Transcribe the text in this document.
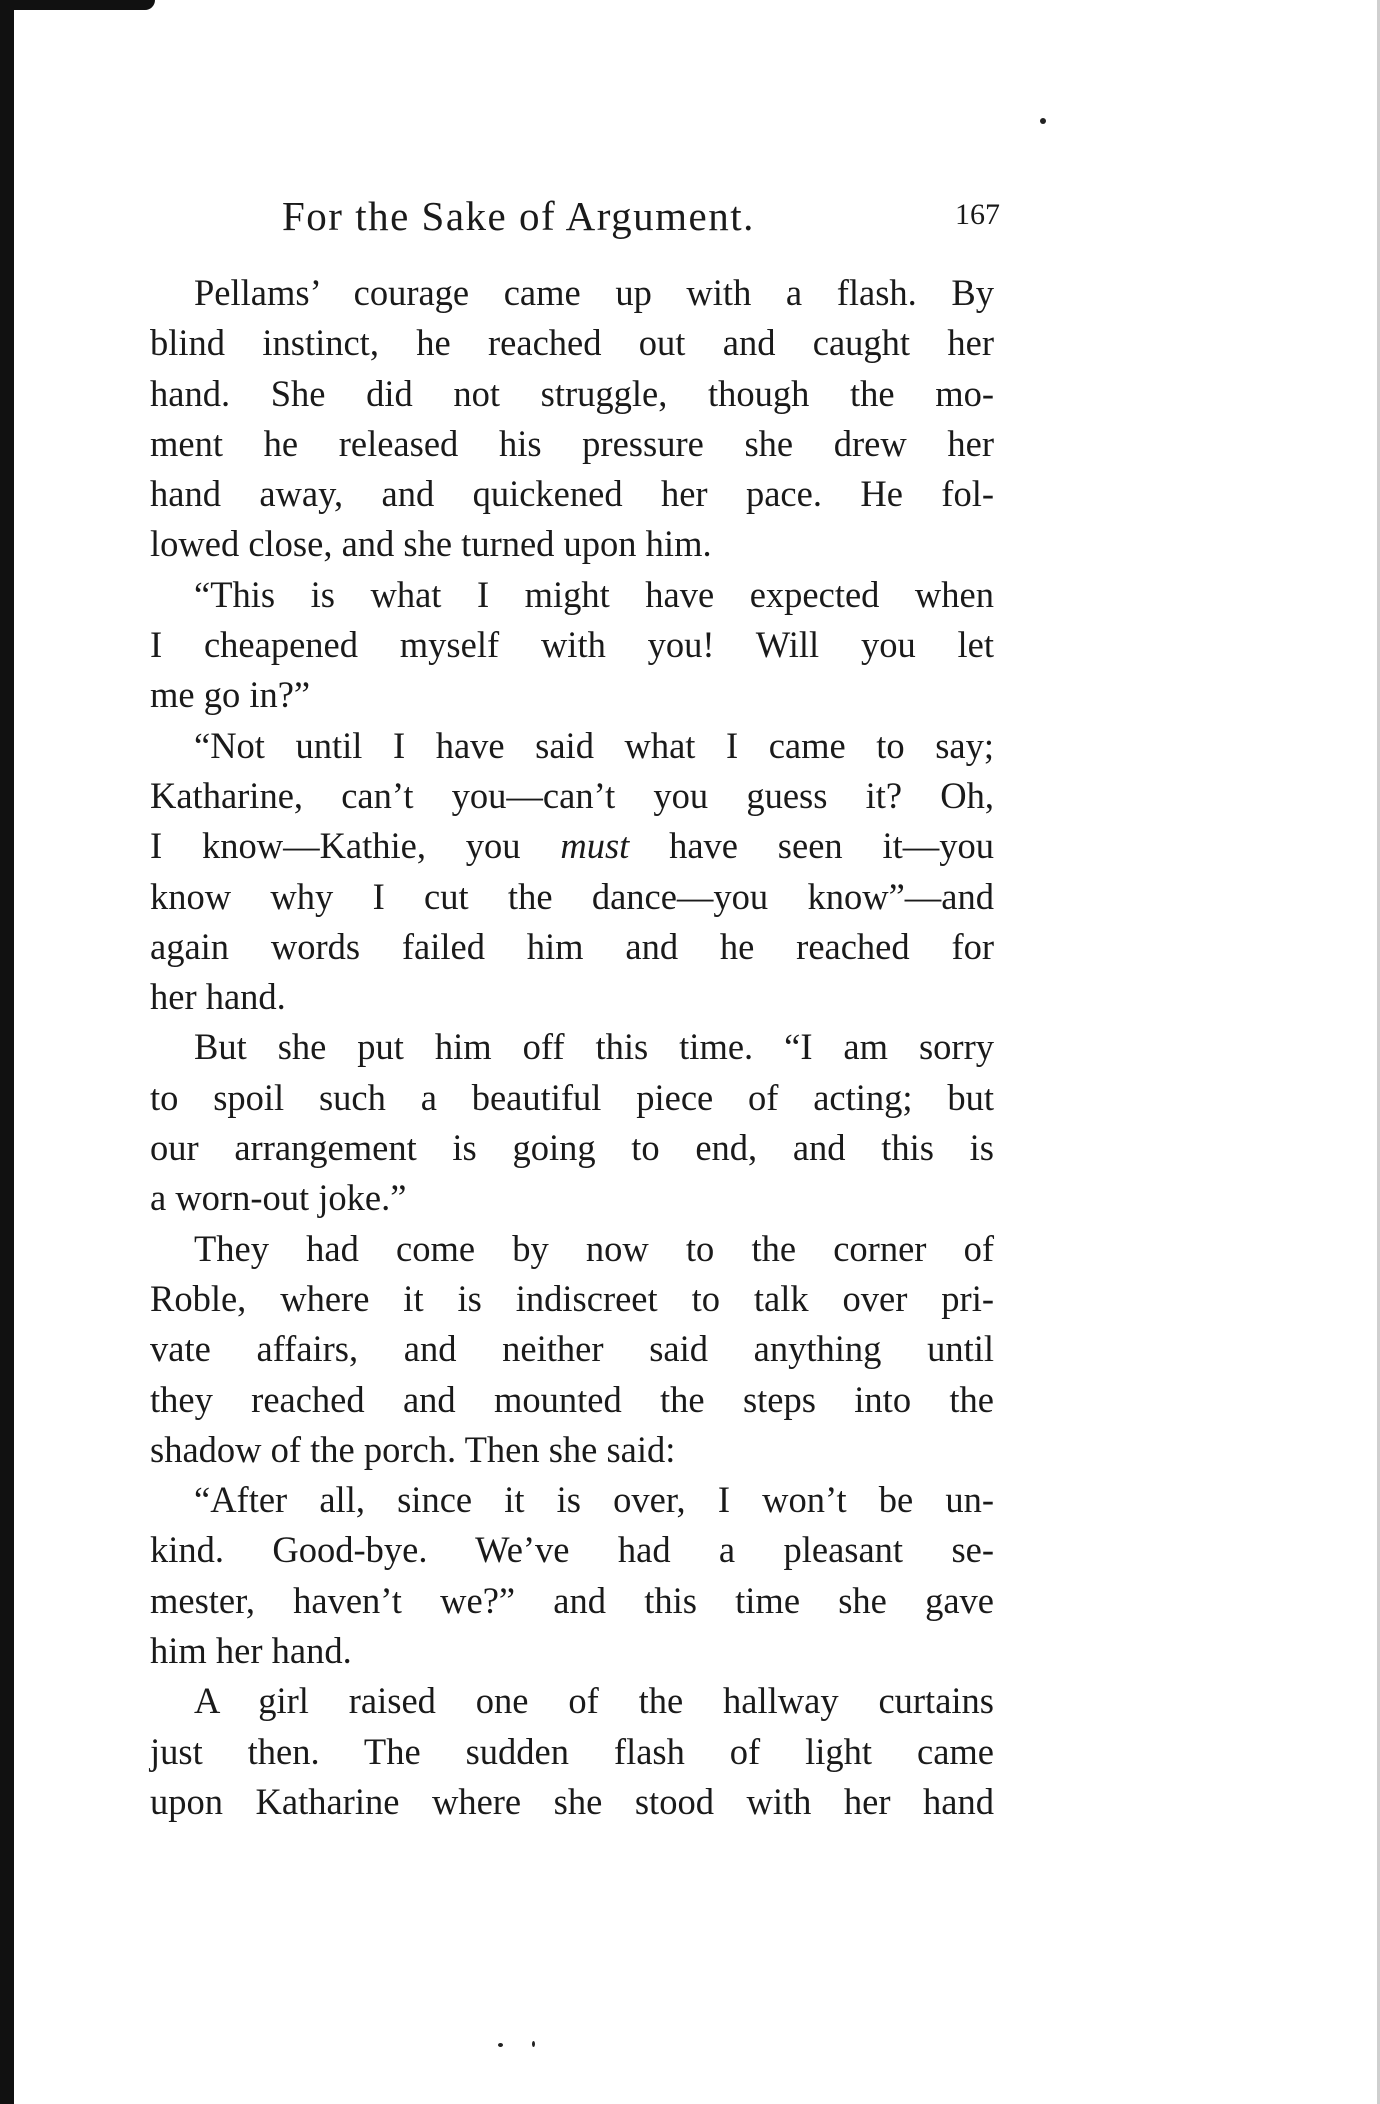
For the Sake of Argument.	167

Pellams’ courage came up with a flash. By
blind instinct, he reached out and caught her
hand. She did not struggle, though the mo-
ment he released his pressure she drew her
hand away, and quickened her pace. He fol-
lowed close, and she turned upon him.

“This is what I might have expected when
I cheapened myself with you! Will you let
me go in?”

“Not until I have said what I came to say;
Katharine, can’t you—can’t you guess it? Oh,
I know—Kathie, you must have seen it—you
know why I cut the dance—you know”—and
again words failed him and he reached for
her hand.

But she put him off this time. “I am sorry
to spoil such a beautiful piece of acting; but
our arrangement is going to end, and this is
a worn-out joke.”

They had come by now to the corner of
Roble, where it is indiscreet to talk over pri-
vate affairs, and neither said anything until
they reached and mounted the steps into the
shadow of the porch. Then she said:

“After all, since it is over, I won’t be un-
kind. Good-bye. We’ve had a pleasant se-
mester, haven’t we?” and this time she gave
him her hand.

A girl raised one of the hallway curtains
just then. The sudden flash of light came
upon Katharine where she stood with her hand
